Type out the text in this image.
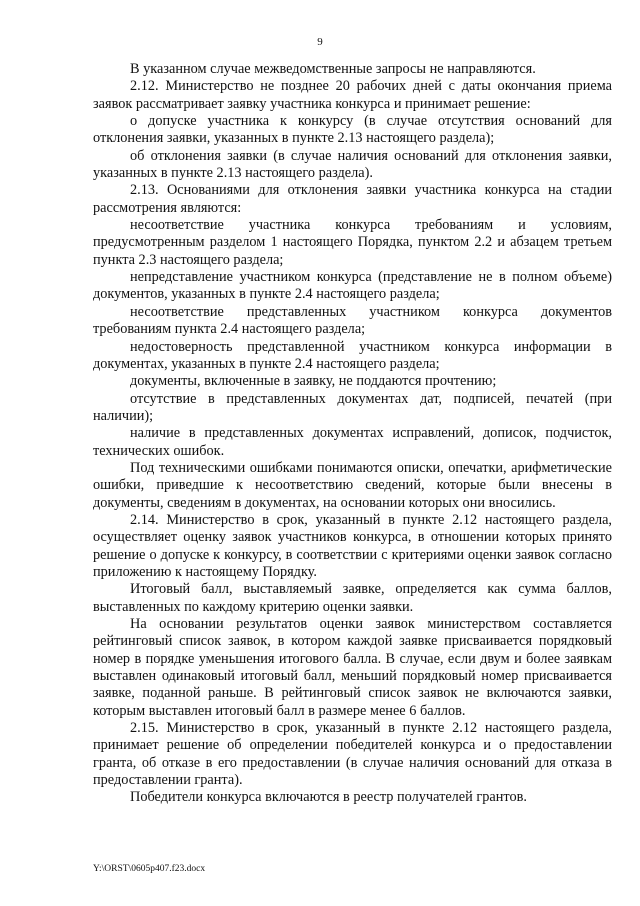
9

В указанном случае межведомственные запросы не направляются.

2.12. Министерство не позднее 20 рабочих дней с даты окончания приема заявок рассматривает заявку участника конкурса и принимает решение:

о допуске участника к конкурсу (в случае отсутствия оснований для отклонения заявки, указанных в пункте 2.13 настоящего раздела);

об отклонения заявки (в случае наличия оснований для отклонения заявки, указанных в пункте 2.13 настоящего раздела).

2.13. Основаниями для отклонения заявки участника конкурса на стадии рассмотрения являются:

несоответствие участника конкурса требованиям и условиям, предусмотренным разделом 1 настоящего Порядка, пунктом 2.2 и абзацем третьем пункта 2.3 настоящего раздела;

непредставление участником конкурса (представление не в полном объеме) документов, указанных в пункте 2.4 настоящего раздела;

несоответствие представленных участником конкурса документов требованиям пункта 2.4 настоящего раздела;

недостоверность представленной участником конкурса информации в документах, указанных в пункте 2.4 настоящего раздела;

документы, включенные в заявку, не поддаются прочтению;

отсутствие в представленных документах дат, подписей, печатей (при наличии);

наличие в представленных документах исправлений, дописок, подчисток, технических ошибок.

Под техническими ошибками понимаются описки, опечатки, арифметические ошибки, приведшие к несоответствию сведений, которые были внесены в документы, сведениям в документах, на основании которых они вносились.

2.14. Министерство в срок, указанный в пункте 2.12 настоящего раздела, осуществляет оценку заявок участников конкурса, в отношении которых принято решение о допуске к конкурсу, в соответствии с критериями оценки заявок согласно приложению к настоящему Порядку.

Итоговый балл, выставляемый заявке, определяется как сумма баллов, выставленных по каждому критерию оценки заявки.

На основании результатов оценки заявок министерством составляется рейтинговый список заявок, в котором каждой заявке присваивается порядковый номер в порядке уменьшения итогового балла. В случае, если двум и более заявкам выставлен одинаковый итоговый балл, меньший порядковый номер присваивается заявке, поданной раньше. В рейтинговый список заявок не включаются заявки, которым выставлен итоговый балл в размере менее 6 баллов.

2.15. Министерство в срок, указанный в пункте 2.12 настоящего раздела, принимает решение об определении победителей конкурса и о предоставлении гранта, об отказе в его предоставлении (в случае наличия оснований для отказа в предоставлении гранта).

Победители конкурса включаются в реестр получателей грантов.

Y:\ORST\0605p407.f23.docx
